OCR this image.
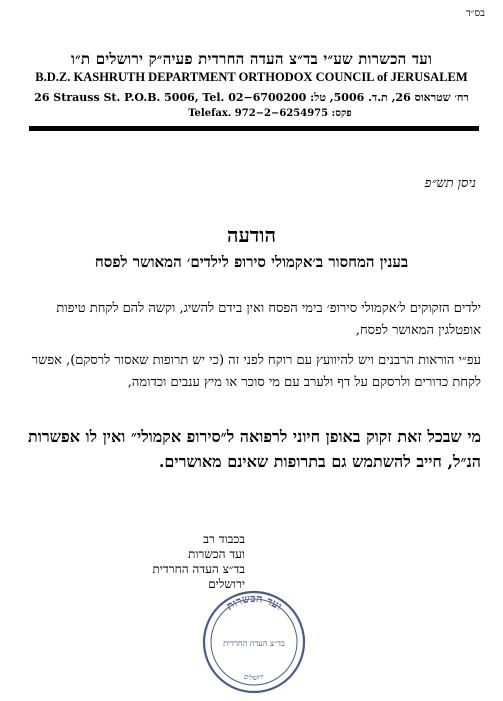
בס״ד
ועד הכשרות שע״י בד״צ העדה החרדית פעיה״ק ירושלים ת״ו
B.D.Z. KASHRUTH DEPARTMENT ORTHODOX COUNCIL of JERUSALEM
26 Strauss St. P.O.B. 5006, Tel. 02−6700200 :רח׳ שטראוס 26, ת.ד. 5006, טל
Telefax. 972−2−6254975 :פקס
ניסן תש״פ
הודעה
בענין המחסור ב׳אקמולי סירופ לילדים׳ המאושר לפסח
ילדים הזקוקים ל׳אקמולי סירופ׳ בימי הפסח ואין בידם להשיג, וקשה להם לקחת טיפות אופטלגין המאושר לפסח,
עפ״י הוראות הרבנים ויש להיוועץ עם רוקח לפני זה (כי יש תרופות שאסור לרסקם), אפשר לקחת כדורים ולרסקם על דף ולערב עם מי סוכר או מיץ ענבים וכדומה,
מי שבכל זאת זקוק באופן חיוני לרפואה ל״סירופ אקמולי״ ואין לו אפשרות הנ״ל, חייב להשתמש גם בתרופות שאינם מאושרים.
בכבוד רב
ועד הכשרות
בד״צ העדה החרדית
ירושלים
ועד הכשרות
בד״צ העדה החרדית
ירושלים
